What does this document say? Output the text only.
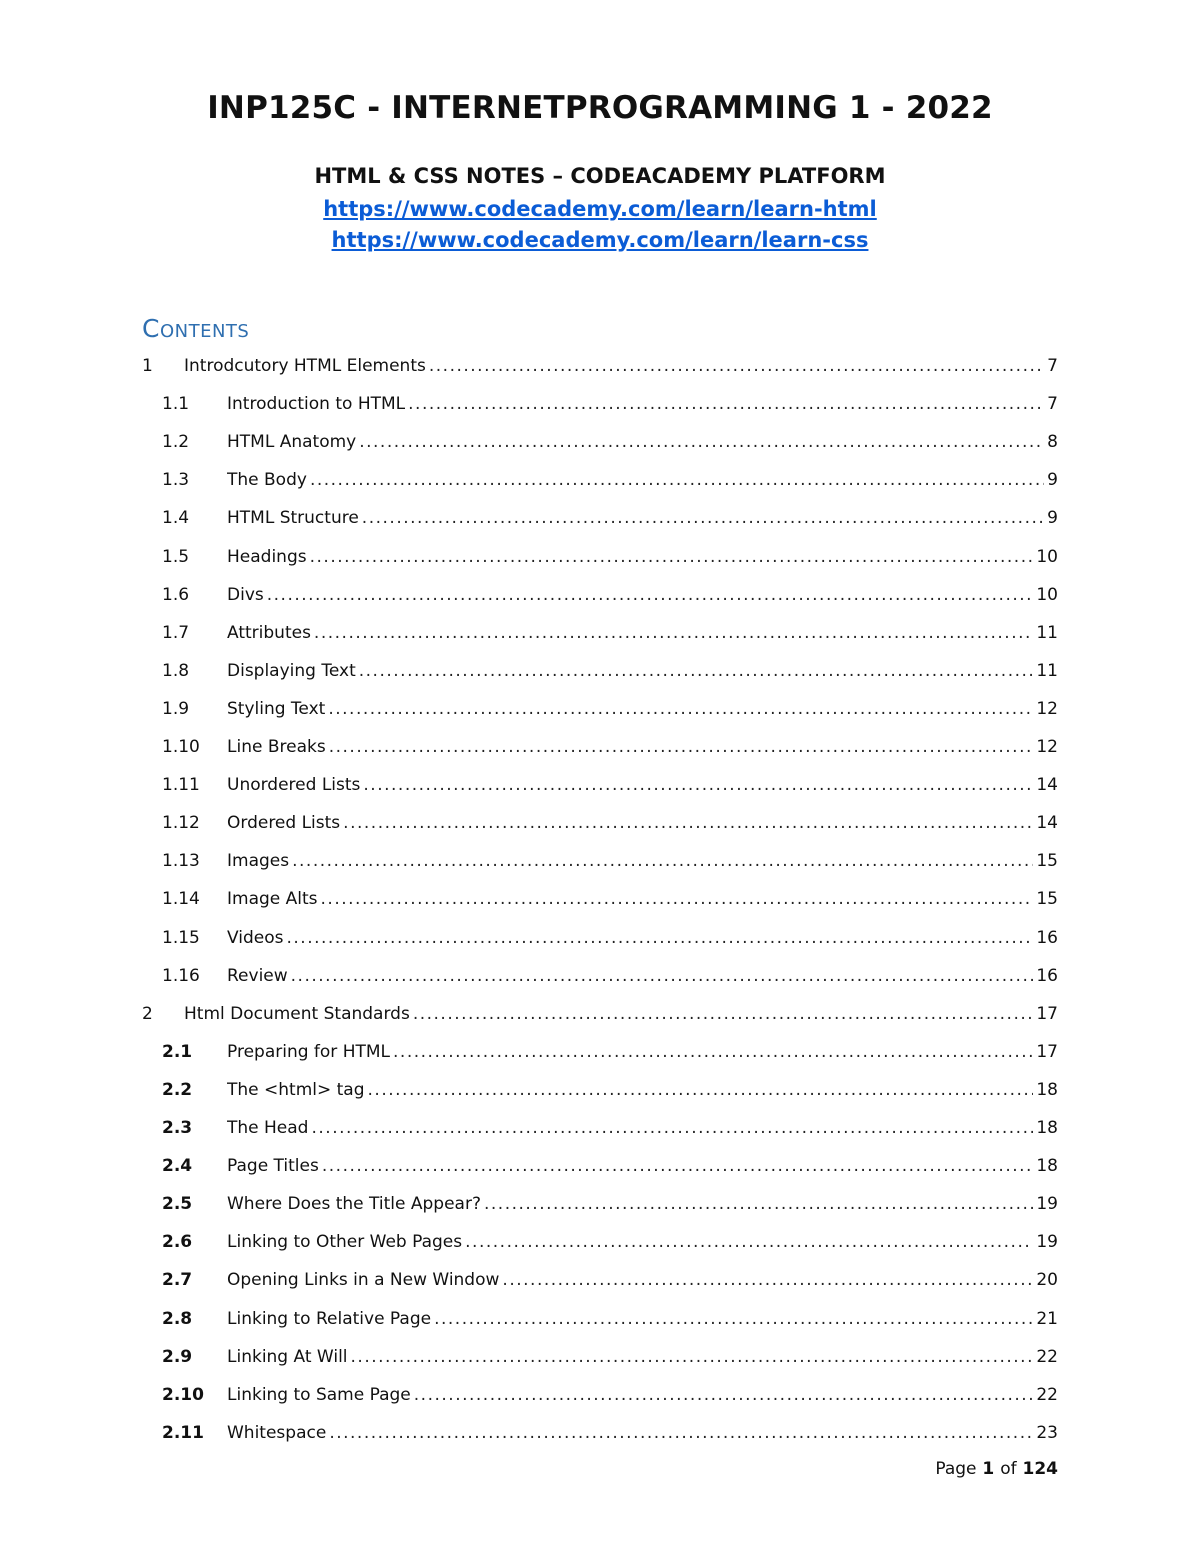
INP125C - INTERNETPROGRAMMING 1 - 2022
HTML & CSS NOTES – CODEACADEMY PLATFORM
https://www.codecademy.com/learn/learn-html
https://www.codecademy.com/learn/learn-css
Contents
1 Introdcutory HTML Elements .....	7
1.1 Introduction to HTML .....	7
1.2 HTML Anatomy .....	8
1.3 The Body .....	9
1.4 HTML Structure .....	9
1.5 Headings .....	10
1.6 Divs .....	10
1.7 Attributes .....	11
1.8 Displaying Text .....	11
1.9 Styling Text .....	12
1.10 Line Breaks .....	12
1.11 Unordered Lists .....	14
1.12 Ordered Lists .....	14
1.13 Images .....	15
1.14 Image Alts .....	15
1.15 Videos .....	16
1.16 Review .....	16
2 Html Document Standards .....	17
2.1 Preparing for HTML .....	17
2.2 The <html> tag .....	18
2.3 The Head .....	18
2.4 Page Titles .....	18
2.5 Where Does the Title Appear? .....	19
2.6 Linking to Other Web Pages .....	19
2.7 Opening Links in a New Window .....	20
2.8 Linking to Relative Page .....	21
2.9 Linking At Will .....	22
2.10 Linking to Same Page .....	22
2.11 Whitespace .....	23
Page 1 of 124
